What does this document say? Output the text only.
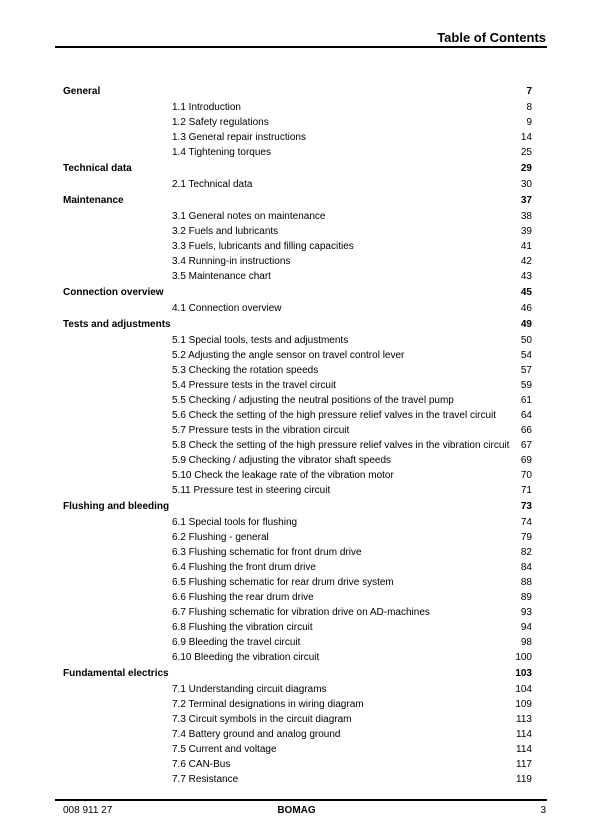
Table of Contents
General	7
1.1 Introduction	8
1.2 Safety regulations	9
1.3 General repair instructions	14
1.4 Tightening torques	25
Technical data	29
2.1 Technical data	30
Maintenance	37
3.1 General notes on maintenance	38
3.2 Fuels and lubricants	39
3.3 Fuels, lubricants and filling capacities	41
3.4 Running-in instructions	42
3.5 Maintenance chart	43
Connection overview	45
4.1 Connection overview	46
Tests and adjustments	49
5.1 Special tools, tests and adjustments	50
5.2 Adjusting the angle sensor on travel control lever	54
5.3 Checking the rotation speeds	57
5.4 Pressure tests in the travel circuit	59
5.5 Checking / adjusting the neutral positions of the travel pump	61
5.6 Check the setting of the high pressure relief valves in the travel circuit 64
5.7 Pressure tests in the vibration circuit	66
5.8 Check the setting of the high pressure relief valves in the vibration circuit 67
5.9 Checking / adjusting the vibrator shaft speeds	69
5.10 Check the leakage rate of the vibration motor	70
5.11 Pressure test in steering circuit	71
Flushing and bleeding	73
6.1 Special tools for flushing	74
6.2 Flushing - general	79
6.3 Flushing schematic for front drum drive	82
6.4 Flushing the front drum drive	84
6.5 Flushing schematic for rear drum drive system	88
6.6 Flushing the rear drum drive	89
6.7 Flushing schematic for vibration drive on AD-machines	93
6.8 Flushing the vibration circuit	94
6.9 Bleeding the travel circuit	98
6.10 Bleeding the vibration circuit	100
Fundamental electrics	103
7.1 Understanding circuit diagrams	104
7.2 Terminal designations in wiring diagram	109
7.3 Circuit symbols in the circuit diagram	113
7.4 Battery ground and analog ground	114
7.5 Current and voltage	114
7.6 CAN-Bus	117
7.7 Resistance	119
008 911 27	BOMAG	3
